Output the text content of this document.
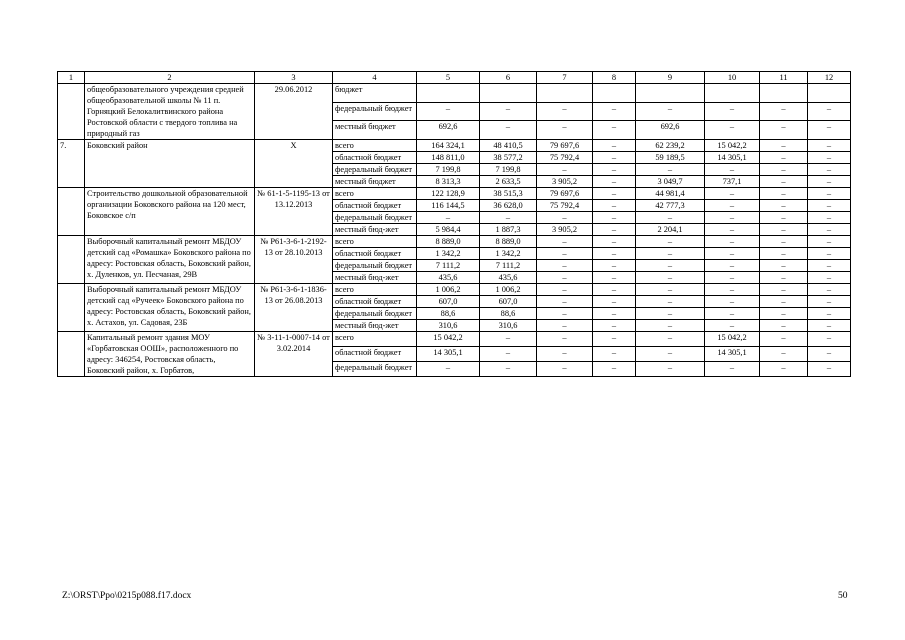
1	2	3	4	5	6	7	8	9	10	11	12
	общеобразовательного учреждения средней общеобразовательной школы № 11 п. Горняцкий Белокалитвинского района Ростовской области с твердого топлива на природный газ	29.06.2012	бюджет								
			федеральный бюджет	–	–	–	–	–	–	–	–
			местный бюджет	692,6	–	–	–	692,6	–	–	–
7.	Боковский район	Х	всего	164 324,1	48 410,5	79 697,6	–	62 239,2	15 042,2	–	–
			областной бюджет	148 811,0	38 577,2	75 792,4	–	59 189,5	14 305,1	–	–
			федеральный бюджет	7 199,8	7 199,8	–	–	–	–	–	–
			местный бюджет	8 313,3	2 633,5	3 905,2	–	3 049,7	737,1	–	–
	Строительство дошкольной образовательной организации Боковского района на 120 мест, Боковское с/п	№ 61-1-5-1195-13 от 13.12.2013	всего	122 128,9	38 515,3	79 697,6	–	44 981,4	–	–	–
			областной бюджет	116 144,5	36 628,0	75 792,4	–	42 777,3	–	–	–
			федеральный бюджет	–	–	–	–	–	–	–	–
			местный бюд-жет	5 984,4	1 887,3	3 905,2	–	2 204,1	–	–	–
	Выборочный капитальный ремонт МБДОУ детский сад «Ромашка» Боковского района по адресу: Ростовская область, Боковский район, х. Дуленков, ул. Песчаная, 29В	№ Р61-3-6-1-2192-13 от 28.10.2013	всего	8 889,0	8 889,0	–	–	–	–	–	–
			областной бюджет	1 342,2	1 342,2	–	–	–	–	–	–
			федеральный бюджет	7 111,2	7 111,2	–	–	–	–	–	–
			местный бюд-жет	435,6	435,6	–	–	–	–	–	–
	Выборочный капитальный ремонт МБДОУ детский сад «Ручеек» Боковского района по адресу: Ростовская область, Боковский район, х. Астахов, ул. Садовая, 23Б	№ Р61-3-6-1-1836-13 от 26.08.2013	всего	1 006,2	1 006,2	–	–	–	–	–	–
			областной бюджет	607,0	607,0	–	–	–	–	–	–
			федеральный бюджет	88,6	88,6	–	–	–	–	–	–
			местный бюд-жет	310,6	310,6	–	–	–	–	–	–
	Капитальный ремонт здания МОУ «Горбатовская ООШ», расположенного по адресу: 346254, Ростовская область, Боковский район, х. Горбатов,	№ 3-11-1-0007-14 от 3.02.2014	всего	15 042,2	–	–	–	–	15 042,2	–	–
			областной бюджет	14 305,1	–	–	–	–	14 305,1	–	–
			федеральный бюджет	–	–	–	–	–	–	–	–
Z:\ORST\Ppo\0215p088.f17.docx	50
